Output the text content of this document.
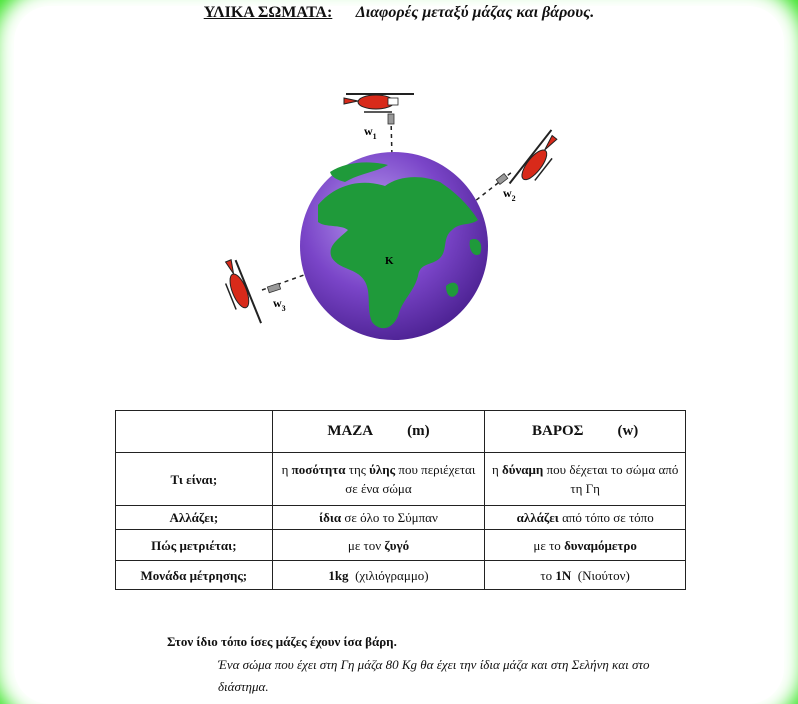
ΥΛΙΚΑ ΣΩΜΑΤΑ: Διαφορές μεταξύ μάζας και βάρους.
K
$w_1$
$w_2$
$w_3$
	ΜΑΖΑ (m)	ΒΑΡΟΣ (w)
Τι είναι;	η ποσότητα της ύλης που περιέχεται σε ένα σώμα	η δύναμη που δέχεται το σώμα από τη Γη
Αλλάζει;	ίδια σε όλο το Σύμπαν	αλλάζει από τόπο σε τόπο
Πώς μετριέται;	με τον ζυγό	με το δυναμόμετρο
Μονάδα μέτρησης;	1kg  (χιλιόγραμμο)	το 1Ν  (Νιούτον)
Στον ίδιο τόπο ίσες μάζες έχουν ίσα βάρη.
Ένα σώμα που έχει στη Γη μάζα 80 Kg θα έχει την ίδια μάζα και στη Σελήνη και στο διάστημα.
